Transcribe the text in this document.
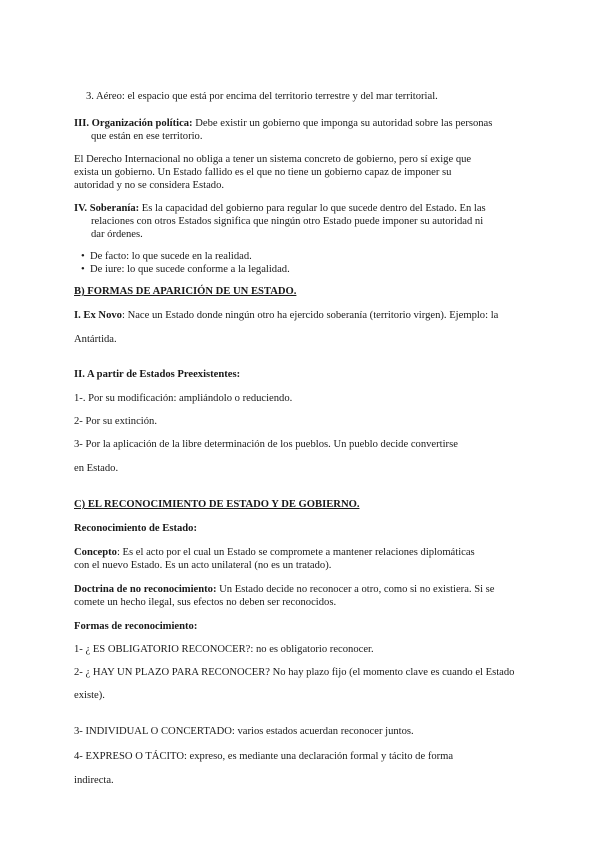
3. Aéreo: el espacio que está por encima del territorio terrestre y del mar territorial.
III. Organización política: Debe existir un gobierno que imponga su autoridad sobre las personas
que están en ese territorio.
El Derecho Internacional no obliga a tener un sistema concreto de gobierno, pero sí exige que
exista un gobierno. Un Estado fallido es el que no tiene un gobierno capaz de imponer su
autoridad y no se considera Estado.
IV. Soberanía: Es la capacidad del gobierno para regular lo que sucede dentro del Estado. En las
relaciones con otros Estados significa que ningún otro Estado puede imponer su autoridad ni
dar órdenes.
• De facto: lo que sucede en la realidad.
• De iure: lo que sucede conforme a la legalidad.
B) FORMAS DE APARICIÓN DE UN ESTADO.
I. Ex Novo: Nace un Estado donde ningún otro ha ejercido soberanía (territorio virgen). Ejemplo: la
Antártida.
II. A partir de Estados Preexistentes:
1-. Por su modificación: ampliándolo o reduciendo.
2- Por su extinción.
3- Por la aplicación de la libre determinación de los pueblos. Un pueblo decide convertirse
en Estado.
C) EL RECONOCIMIENTO DE ESTADO Y DE GOBIERNO.
Reconocimiento de Estado:
Concepto: Es el acto por el cual un Estado se compromete a mantener relaciones diplomáticas
con el nuevo Estado. Es un acto unilateral (no es un tratado).
Doctrina de no reconocimiento: Un Estado decide no reconocer a otro, como si no existiera. Si se
comete un hecho ilegal, sus efectos no deben ser reconocidos.
Formas de reconocimiento:
1- ¿ ES OBLIGATORIO RECONOCER?: no es obligatorio reconocer.
2- ¿ HAY UN PLAZO PARA RECONOCER? No hay plazo fijo (el momento clave es cuando el Estado
existe).
3- INDIVIDUAL O CONCERTADO: varios estados acuerdan reconocer juntos.
4- EXPRESO O TÁCITO: expreso, es mediante una declaración formal y tácito de forma
indirecta.
